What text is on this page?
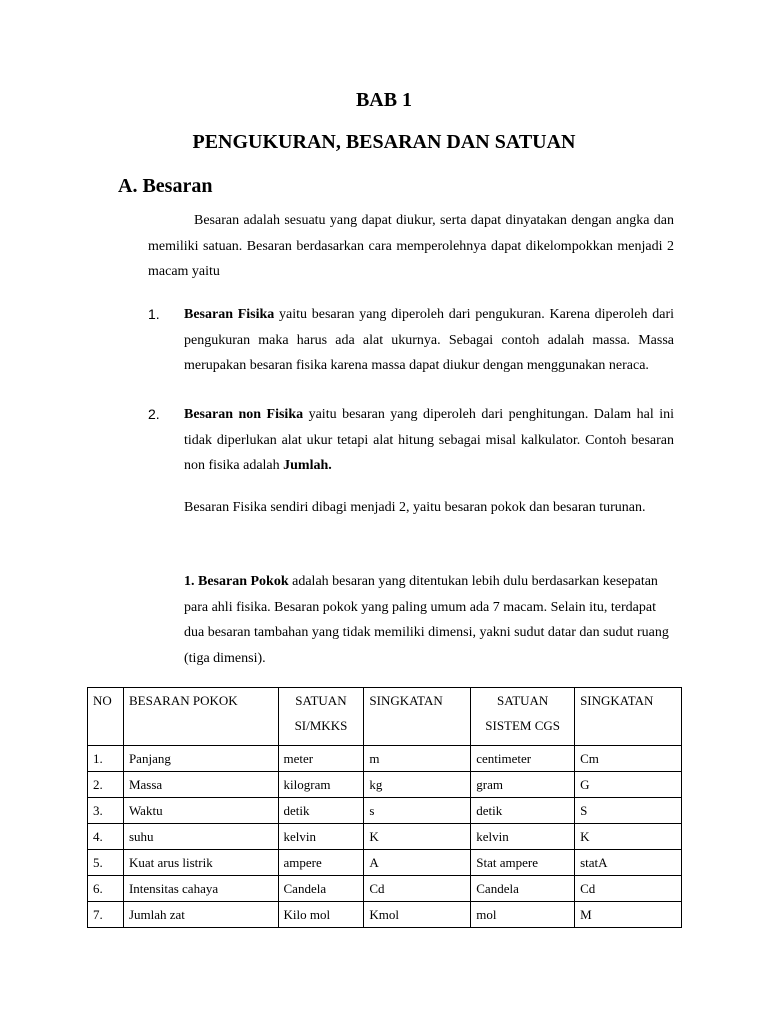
BAB 1
PENGUKURAN, BESARAN DAN SATUAN
A. Besaran

Besaran adalah sesuatu yang dapat diukur, serta dapat dinyatakan dengan angka dan memiliki satuan. Besaran berdasarkan cara memperolehnya dapat dikelompokkan menjadi 2 macam yaitu

1. Besaran Fisika yaitu besaran yang diperoleh dari pengukuran. Karena diperoleh dari pengukuran maka harus ada alat ukurnya. Sebagai contoh adalah massa. Massa merupakan besaran fisika karena massa dapat diukur dengan menggunakan neraca.

2. Besaran non Fisika yaitu besaran yang diperoleh dari penghitungan. Dalam hal ini tidak diperlukan alat ukur tetapi alat hitung sebagai misal kalkulator. Contoh besaran non fisika adalah Jumlah.

Besaran Fisika sendiri dibagi menjadi 2, yaitu besaran pokok dan besaran turunan.

1. Besaran Pokok adalah besaran yang ditentukan lebih dulu berdasarkan kesepatan para ahli fisika. Besaran pokok yang paling umum ada 7 macam. Selain itu, terdapat dua besaran tambahan yang tidak memiliki dimensi, yakni sudut datar dan sudut ruang (tiga dimensi).

NO	BESARAN POKOK	SATUAN SI/MKKS	SINGKATAN	SATUAN SISTEM CGS	SINGKATAN
1.	Panjang	meter	m	centimeter	Cm
2.	Massa	kilogram	kg	gram	G
3.	Waktu	detik	s	detik	S
4.	suhu	kelvin	K	kelvin	K
5.	Kuat arus listrik	ampere	A	Stat ampere	statA
6.	Intensitas cahaya	Candela	Cd	Candela	Cd
7.	Jumlah zat	Kilo mol	Kmol	mol	M
